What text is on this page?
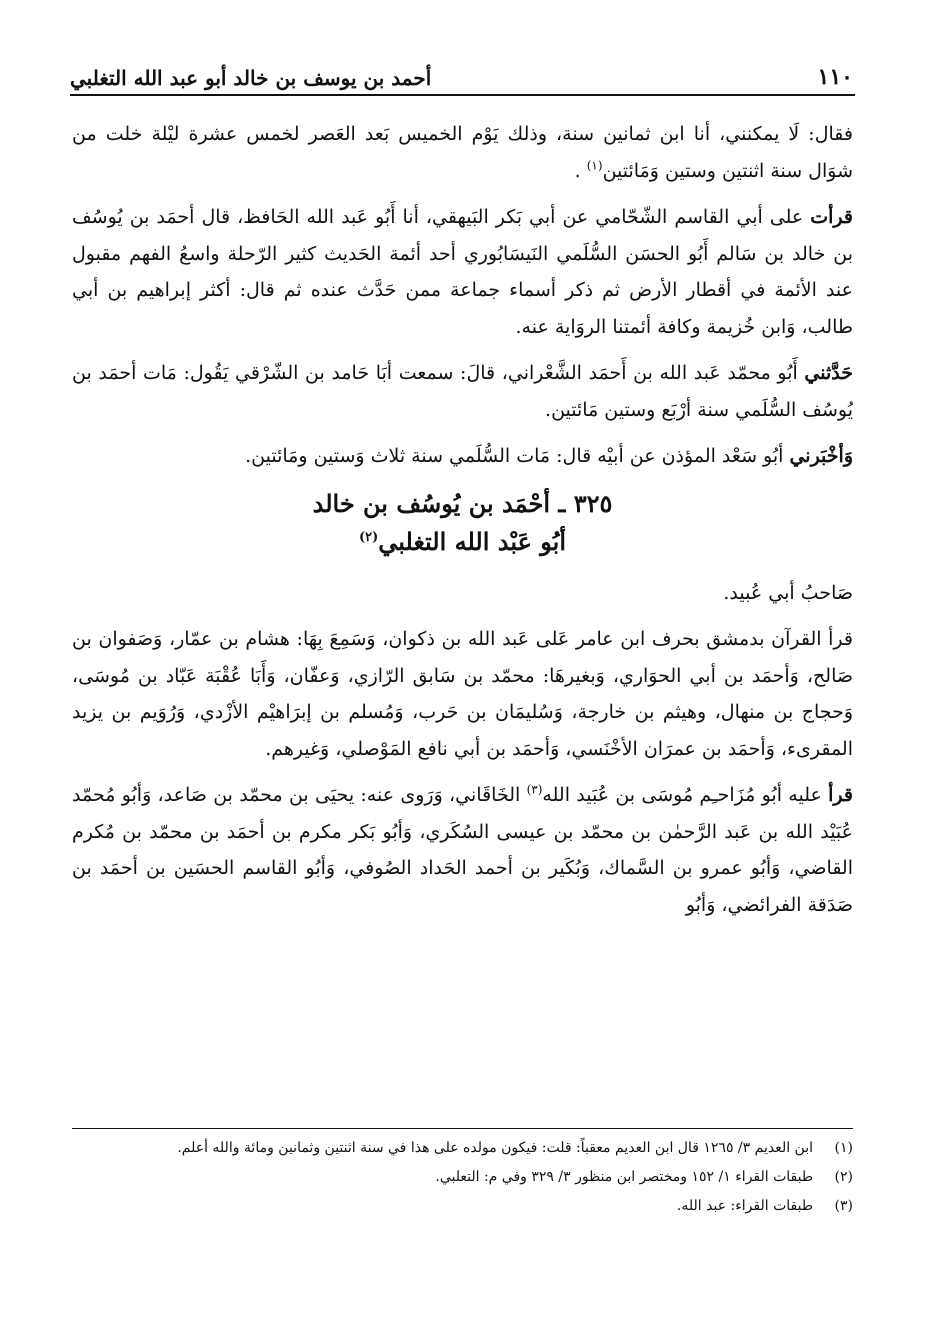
١١٠
أحمد بن يوسف بن خالد أبو عبد الله التغلبي

فقال: لَا يمكنني، أنا ابن ثمانين سنة، وذلك يَوْم الخميس بَعد العَصر لخمس عشرة ليْلة خلت من شوَال سنة اثنتين وستين وَمَائتين$^{(١)}$ .

قرأت على أبي القاسم الشّحّامي عن أبي بَكر البَيهقي، أنا أَبُو عَبد الله الحَافظ، قال أحمَد بن يُوسُف بن خالد بن سَالم أَبُو الحسَن السُّلَمي النَيسَابُوري أحد أئمة الحَديث كثير الرّحلة واسعُ الفهم مقبول عند الأئمة في أقطار الأرض ثم ذكر أسماء جماعة ممن حَدَّث عنده ثم قال: أكثر إبراهيم بن أبي طالب، وَابن خُزيمة وكافة أئمتنا الروَاية عنه.

حَدَّثني أَبُو محمّد عَبد الله بن أَحمَد الشَّعْراني، قالَ: سمعت أبَا حَامد بن الشّرْقي يَقُول: مَات أحمَد بن يُوسُف السُّلَمي سنة أرْبَع وستين مَائتين.

وَأخْبَرني أبُو سَعْد المؤذن عن أبيْه قال: مَات السُّلَمي سنة ثلاث وَستين ومَائتين.

٣٢٥ ـ أحْمَد بن يُوسُف بن خالد
أبُو عَبْد الله التغلبي$^{(٢)}$

صَاحبُ أبي عُبيد.

قرأ القرآن بدمشق بحرف ابن عامر عَلى عَبد الله بن ذكوان، وَسَمِعَ بِهَا: هشام بن عمّار، وَصَفوان بن صَالح، وَأحمَد بن أبي الحوَاري، وَبغيرهَا: محمّد بن سَابق الرّازي، وَعفّان، وَأَبَا عُقْبَة عَبّاد بن مُوسَى، وَحجاج بن منهال، وهيثم بن خارجة، وَسُليمَان بن حَرب، وَمُسلم بن إبرَاهيْم الأزْدي، وَرُوَيم بن يزيد المقرىء، وَأحمَد بن عمرَان الأخْنَسي، وَأحمَد بن أبي نافع المَوْصلي، وَغيرهم.

قرأ عليه أبُو مُزَاحـِم مُوسَى بن عُبَيد الله$^{(٣)}$ الخَاقَاني، وَرَوى عنه: يحيَى بن محمّد بن صَاعد، وَأبُو مُحمّد عُبَيْد الله بن عَبد الرَّحمٰن بن محمّد بن عيسى السُكَري، وَأبُو بَكر مكرم بن أحمَد بن محمّد بن مُكرم القاضي، وَأبُو عمرو بن السَّماك، وَبُكَير بن أحمد الحَداد الصُوفي، وَأبُو القاسم الحسَين بن أحمَد بن صَدَقة الفرائضي، وَأبُو

(١)
ابن العديم ٣/ ١٢٦٥ قال ابن العديم معقباً: قلت: فيكون مولده على هذا في سنة اثنتين وثمانين ومائة والله أعلم.
(٢)
طبقات القراء ١/ ١٥٢ ومختصر ابن منظور ٣/ ٣٢٩ وفي م: التعلبي.
(٣)
طبقات القراء: عبد الله.
